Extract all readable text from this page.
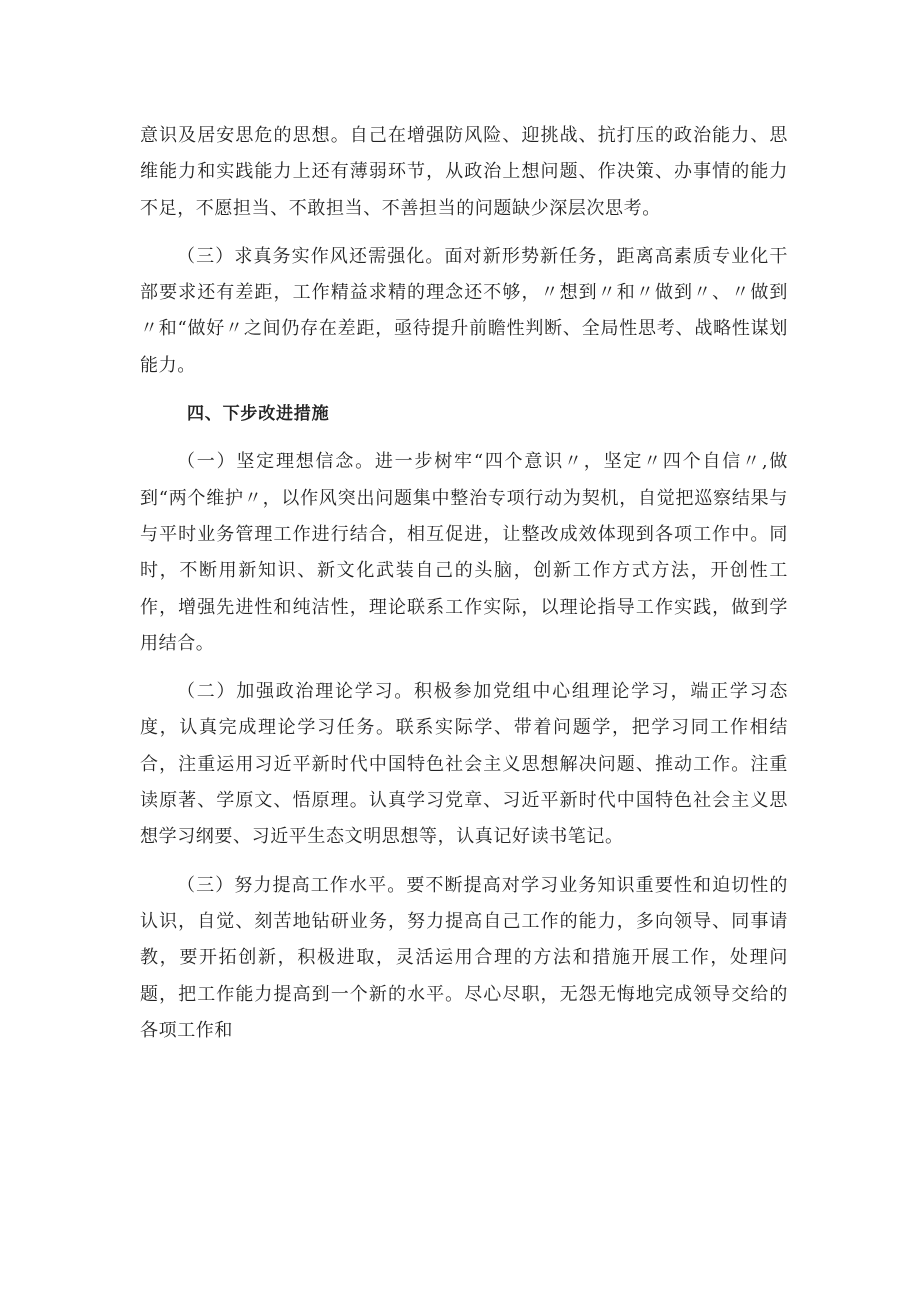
意识及居安思危的思想。自己在增强防风险、迎挑战、抗打压的政治能力、思维能力和实践能力上还有薄弱环节，从政治上想问题、作决策、办事情的能力不足，不愿担当、不敢担当、不善担当的问题缺少深层次思考。

（三）求真务实作风还需强化。面对新形势新任务，距离高素质专业化干部要求还有差距，工作精益求精的理念还不够，〃想到〃和〃做到〃、〃做到〃和“做好〃之间仍存在差距，亟待提升前瞻性判断、全局性思考、战略性谋划能力。

四、下步改进措施

（一）坚定理想信念。进一步树牢“四个意识〃，坚定〃四个自信〃,做到“两个维护〃，以作风突出问题集中整治专项行动为契机，自觉把巡察结果与与平时业务管理工作进行结合，相互促进，让整改成效体现到各项工作中。同时，不断用新知识、新文化武装自己的头脑，创新工作方式方法，开创性工作，增强先进性和纯洁性，理论联系工作实际，以理论指导工作实践，做到学用结合。

（二）加强政治理论学习。积极参加党组中心组理论学习，端正学习态度，认真完成理论学习任务。联系实际学、带着问题学，把学习同工作相结合，注重运用习近平新时代中国特色社会主义思想解决问题、推动工作。注重读原著、学原文、悟原理。认真学习党章、习近平新时代中国特色社会主义思想学习纲要、习近平生态文明思想等，认真记好读书笔记。

（三）努力提高工作水平。要不断提高对学习业务知识重要性和迫切性的认识，自觉、刻苦地钻研业务，努力提高自己工作的能力，多向领导、同事请教，要开拓创新，积极进取，灵活运用合理的方法和措施开展工作，处理问题，把工作能力提高到一个新的水平。尽心尽职，无怨无悔地完成领导交给的各项工作和
